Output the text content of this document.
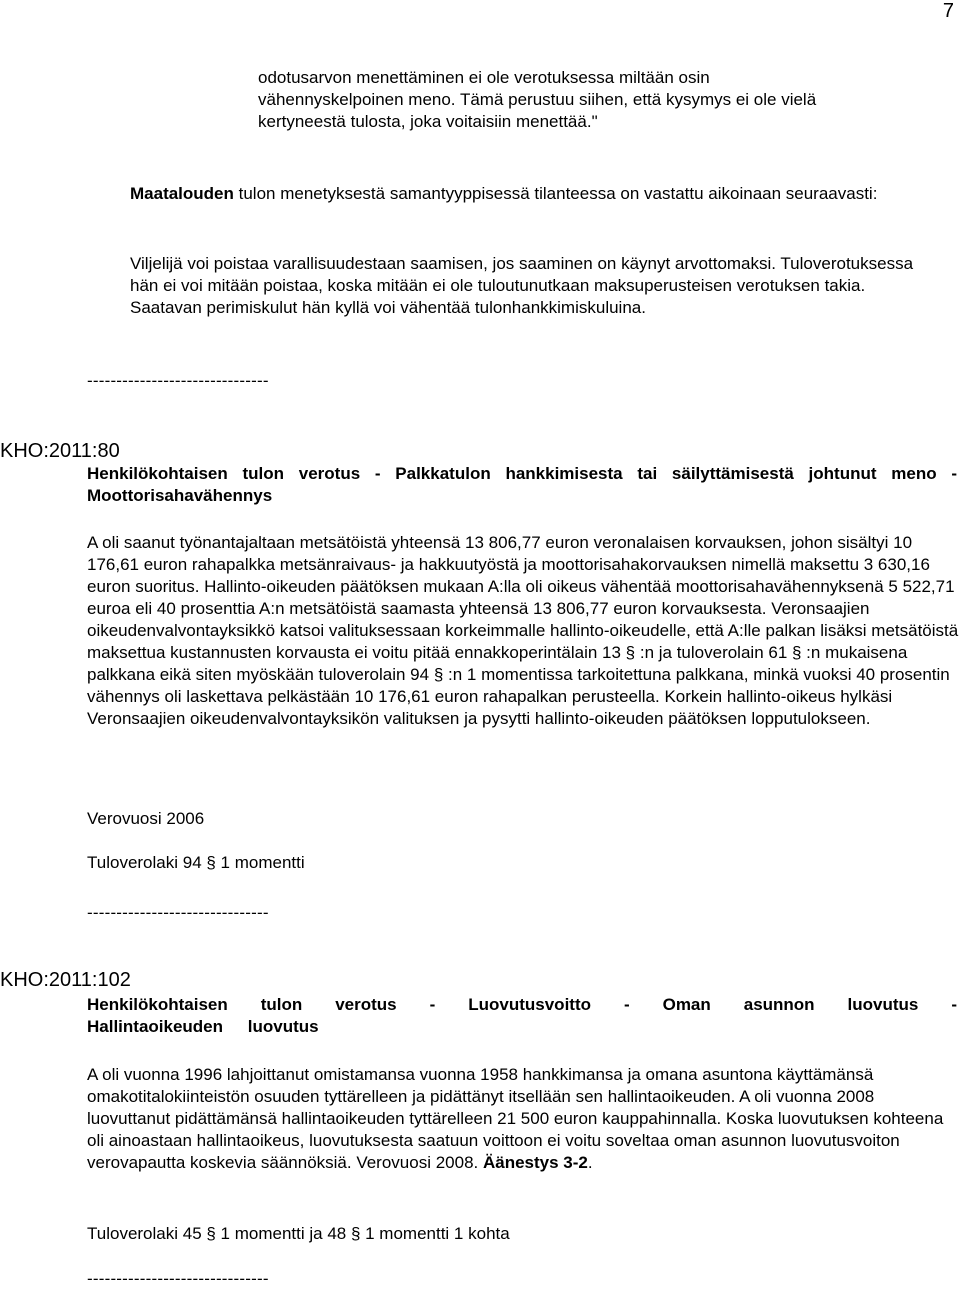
7

odotusarvon menettäminen ei ole verotuksessa miltään osin vähennyskelpoinen meno. Tämä perustuu siihen, että kysymys ei ole vielä kertyneestä tulosta, joka voitaisiin menettää."

Maatalouden tulon menetyksestä samantyyppisessä tilanteessa on vastattu aikoinaan seuraavasti:

Viljelijä voi poistaa varallisuudestaan saamisen, jos saaminen on käynyt arvottomaksi. Tuloverotuksessa hän ei voi mitään poistaa, koska mitään ei ole tuloutunutkaan maksuperusteisen verotuksen takia. Saatavan perimiskulut hän kyllä voi vähentää tulonhankkimiskuluina.

-------------------------------
KHO:2011:80

Henkilökohtaisen tulon verotus - Palkkatulon hankkimisesta tai säilyttämisestä johtunut meno - Moottorisahavähennys

A oli saanut työnantajaltaan metsätöistä yhteensä 13 806,77 euron veronalaisen korvauksen, johon sisältyi 10 176,61 euron rahapalkka metsänraivaus- ja hakkuutyöstä ja moottorisahakorvauksen nimellä maksettu 3 630,16 euron suoritus. Hallinto-oikeuden päätöksen mukaan A:lla oli oikeus vähentää moottorisahavähennyksenä 5 522,71 euroa eli 40 prosenttia A:n metsätöistä saamasta yhteensä 13 806,77 euron korvauksesta. Veronsaajien oikeudenvalvontayksikkö katsoi valituksessaan korkeimmalle hallinto-oikeudelle, että A:lle palkan lisäksi metsätöistä maksettua kustannusten korvausta ei voitu pitää ennakkoperintälain 13 § :n ja tuloverolain 61 § :n mukaisena palkkana eikä siten myöskään tuloverolain 94 § :n 1 momentissa tarkoitettuna palkkana, minkä vuoksi 40 prosentin vähennys oli laskettava pelkästään 10 176,61 euron rahapalkan perusteella. Korkein hallinto-oikeus hylkäsi Veronsaajien oikeudenvalvontayksikön valituksen ja pysytti hallinto-oikeuden päätöksen lopputulokseen.

Verovuosi 2006
Tuloverolaki 94 § 1 momentti
-------------------------------
KHO:2011:102

Henkilökohtaisen tulon verotus - Luovutusvoitto - Oman asunnon luovutus - Hallintaoikeuden luovutus

A oli vuonna 1996 lahjoittanut omistamansa vuonna 1958 hankkimansa ja omana asuntona käyttämänsä omakotitalokiinteistön osuuden tyttärelleen ja pidättänyt itsellään sen hallintaoikeuden. A oli vuonna 2008 luovuttanut pidättämänsä hallintaoikeuden tyttärelleen 21 500 euron kauppahinnalla. Koska luovutuksen kohteena oli ainoastaan hallintaoikeus, luovutuksesta saatuun voittoon ei voitu soveltaa oman asunnon luovutusvoiton verovapautta koskevia säännöksiä. Verovuosi 2008. Äänestys 3-2.

Tuloverolaki 45 § 1 momentti ja 48 § 1 momentti 1 kohta
-------------------------------
